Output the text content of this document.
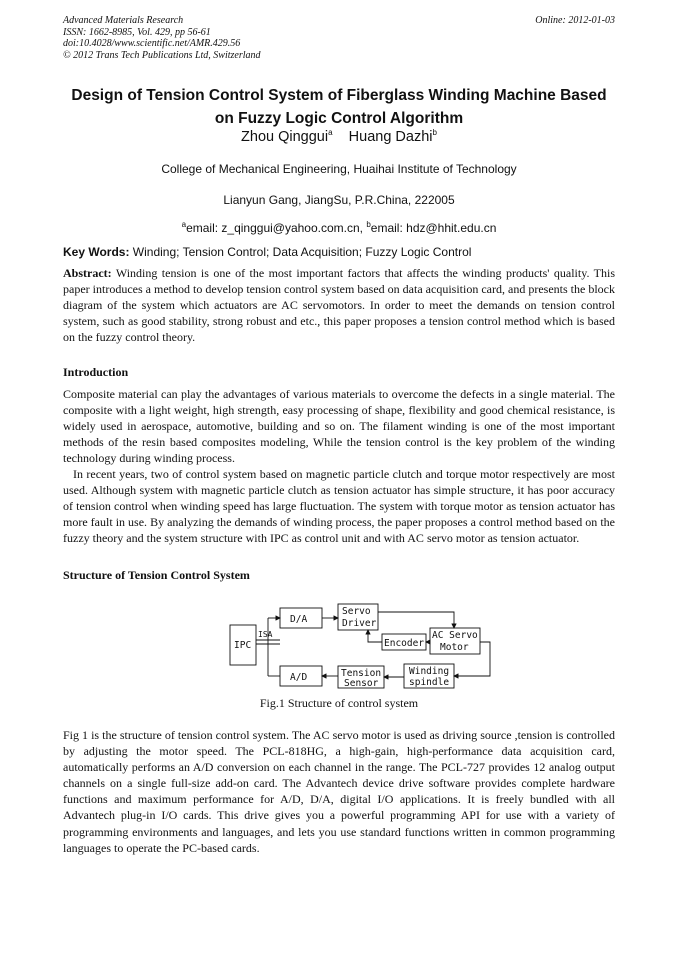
Advanced Materials Research
ISSN: 1662-8985, Vol. 429, pp 56-61
doi:10.4028/www.scientific.net/AMR.429.56
© 2012 Trans Tech Publications Ltd, Switzerland
Online: 2012-01-03
Design of Tension Control System of Fiberglass Winding Machine Based
on Fuzzy Logic Control Algorithm
Zhou Qinggui$^a$ Huang Dazhi$^b$
College of Mechanical Engineering, Huaihai Institute of Technology
Lianyun Gang, JiangSu, P.R.China, 222005
$^a$email: z_qinggui@yahoo.com.cn, $^b$email: hdz@hhit.edu.cn
Key Words: Winding; Tension Control; Data Acquisition; Fuzzy Logic Control
Abstract: Winding tension is one of the most important factors that affects the winding products' quality. This paper introduces a method to develop tension control system based on data acquisition card, and presents the block diagram of the system which actuators are AC servomotors. In order to meet the demands on tension control system, such as good stability, strong robust and etc., this paper proposes a tension control method which is based on the fuzzy control theory.
Introduction
Composite material can play the advantages of various materials to overcome the defects in a single material. The composite with a light weight, high strength, easy processing of shape, flexibility and good chemical resistance, is widely used in aerospace, automotive, building and so on. The filament winding is one of the most important methods of the resin based composites modeling, While the tension control is the key problem of the winding technology during winding process.
In recent years, two of control system based on magnetic particle clutch and torque motor respectively are most used. Although system with magnetic particle clutch as tension actuator has simple structure, it has poor accuracy of tension control when winding speed has large fluctuation. The system with torque motor as tension actuator has more fault in use. By analyzing the demands of winding process, the paper proposes a control method based on the fuzzy theory and the system structure with IPC as control unit and with AC servo motor as tension actuator.
Structure of Tension Control System
IPC
ISA
D/A
A/D
Servo
Driver
Encoder
AC Servo
Motor
Tension
Sensor
Winding
spindle
Fig.1 Structure of control system
Fig 1 is the structure of tension control system. The AC servo motor is used as driving source ,tension is controlled by adjusting the motor speed. The PCL-818HG, a high-gain, high-performance data acquisition card, automatically performs an A/D conversion on each channel in the range. The PCL-727 provides 12 analog output channels on a single full-size add-on card. The Advantech device drive software provides complete hardware functions and maximum performance for A/D, D/A, digital I/O applications. It is freely bundled with all Advantech plug-in I/O cards. This drive gives you a powerful programming API for use with a variety of programming environments and languages, and lets you use standard functions written in common programming languages to operate the PC-based cards.
